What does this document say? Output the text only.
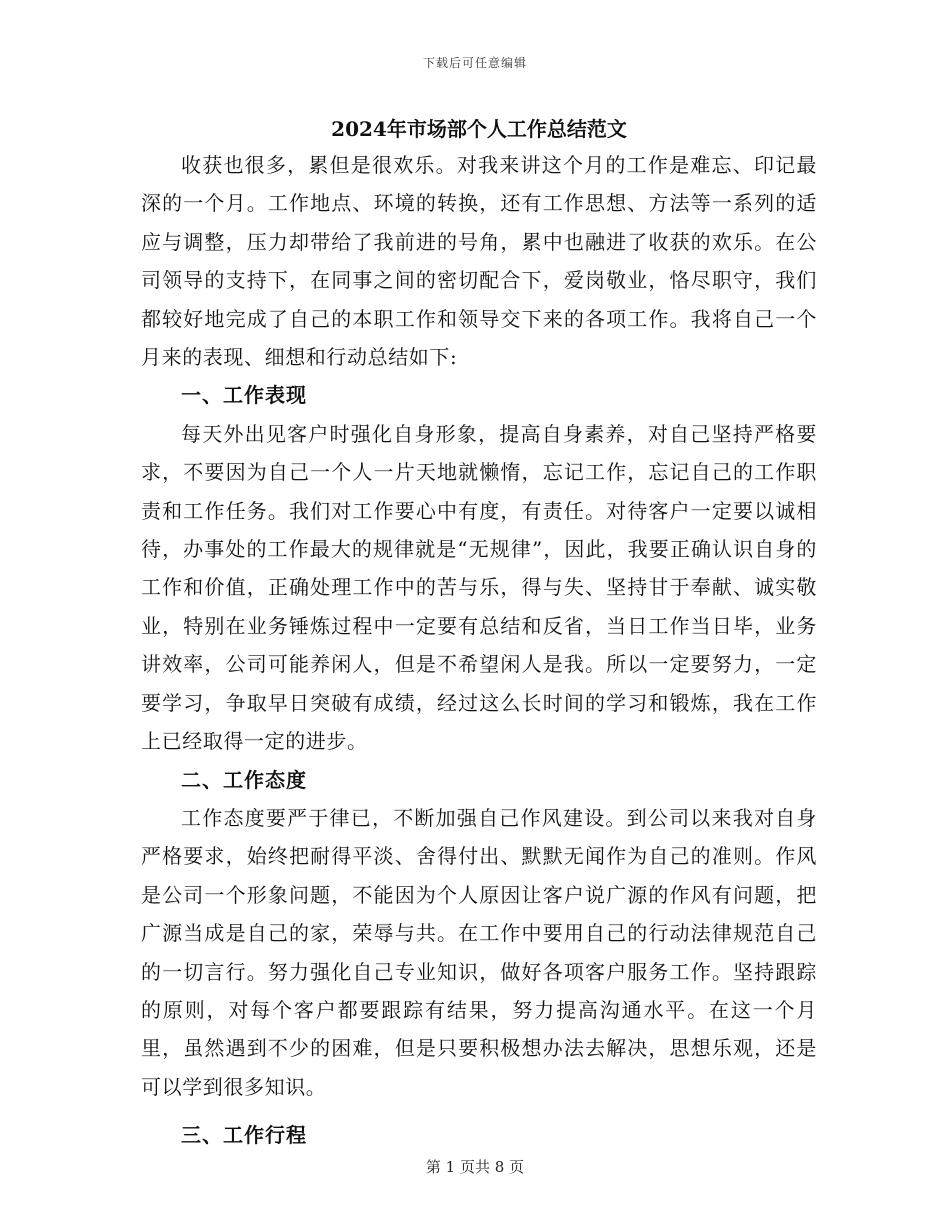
下载后可任意编辑
2024年市场部个人工作总结范文

收获也很多，累但是很欢乐。对我来讲这个月的工作是难忘、印记最深的一个月。工作地点、环境的转换，还有工作思想、方法等一系列的适应与调整，压力却带给了我前进的号角，累中也融进了收获的欢乐。在公司领导的支持下，在同事之间的密切配合下，爱岗敬业，恪尽职守，我们都较好地完成了自己的本职工作和领导交下来的各项工作。我将自己一个月来的表现、细想和行动总结如下:

一、工作表现

每天外出见客户时强化自身形象，提高自身素养，对自己坚持严格要求，不要因为自己一个人一片天地就懒惰，忘记工作，忘记自己的工作职责和工作任务。我们对工作要心中有度，有责任。对待客户一定要以诚相待，办事处的工作最大的规律就是“无规律”，因此，我要正确认识自身的工作和价值，正确处理工作中的苦与乐，得与失、坚持甘于奉献、诚实敬业，特别在业务锤炼过程中一定要有总结和反省，当日工作当日毕，业务讲效率，公司可能养闲人，但是不希望闲人是我。所以一定要努力，一定要学习，争取早日突破有成绩，经过这么长时间的学习和锻炼，我在工作上已经取得一定的进步。

二、工作态度

工作态度要严于律已，不断加强自己作风建设。到公司以来我对自身严格要求，始终把耐得平淡、舍得付出、默默无闻作为自己的准则。作风是公司一个形象问题，不能因为个人原因让客户说广源的作风有问题，把广源当成是自己的家，荣辱与共。在工作中要用自己的行动法律规范自己的一切言行。努力强化自己专业知识，做好各项客户服务工作。坚持跟踪的原则，对每个客户都要跟踪有结果，努力提高沟通水平。在这一个月里，虽然遇到不少的困难，但是只要积极想办法去解决，思想乐观，还是可以学到很多知识。

三、工作行程
第 1 页共 8 页
